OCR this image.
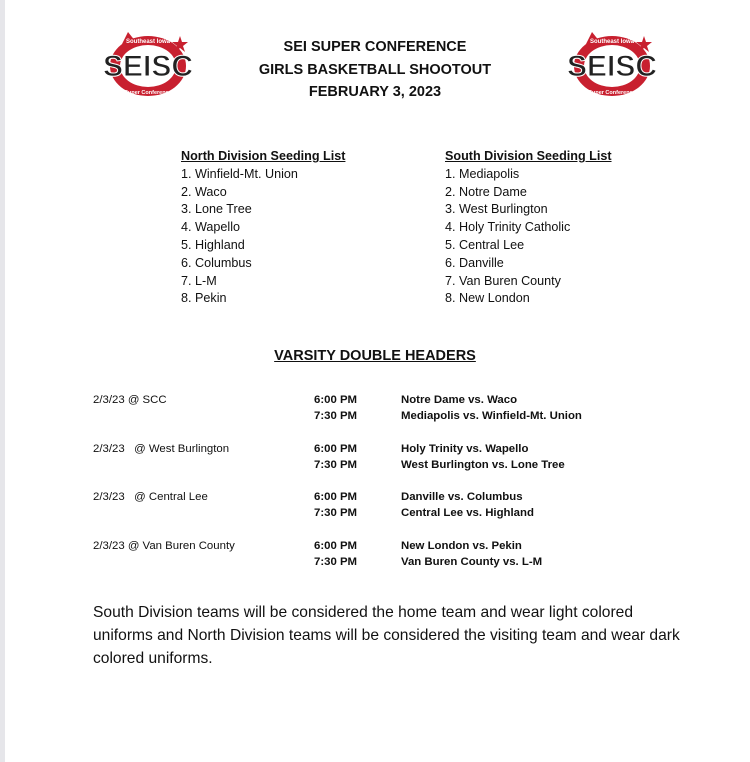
SEISC
Southeast Iowa
Super Conference
SEISC
Southeast Iowa
Super Conference
SEI SUPER CONFERENCE
GIRLS BASKETBALL SHOOTOUT
FEBRUARY 3, 2023
North Division Seeding List
1. Winfield-Mt. Union
2. Waco
3. Lone Tree
4. Wapello
5. Highland
6. Columbus
7. L-M
8. Pekin
South Division Seeding List
1. Mediapolis
2. Notre Dame
3. West Burlington
4. Holy Trinity Catholic
5. Central Lee
6. Danville
7. Van Buren County
8. New London
VARSITY DOUBLE HEADERS
2/3/23 @ SCC	6:00 PM	Notre Dame vs. Waco
7:30 PM	Mediapolis vs. Winfield-Mt. Union
2/3/23   @ West Burlington	6:00 PM	Holy Trinity vs. Wapello
7:30 PM	West Burlington vs. Lone Tree
2/3/23   @ Central Lee	6:00 PM	Danville vs. Columbus
7:30 PM	Central Lee vs. Highland
2/3/23 @ Van Buren County	6:00 PM	New London vs. Pekin
7:30 PM	Van Buren County vs. L-M
South Division teams will be considered the home team and wear light colored uniforms and North Division teams will be considered the visiting team and wear dark colored uniforms.
